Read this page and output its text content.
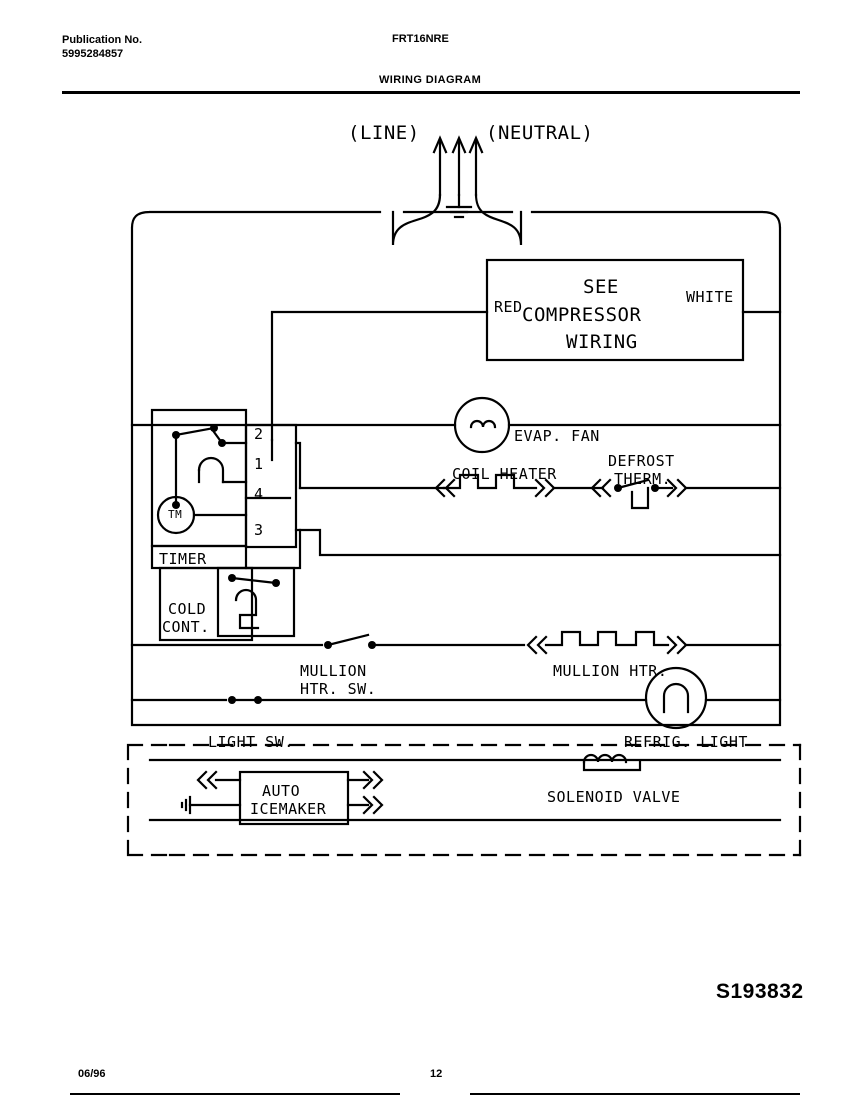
Publication No.
5995284857
FRT16NRE
WIRING DIAGRAM
(LINE)	(NEUTRAL)
SEE
COMPRESSOR
WIRING
RED
WHITE
EVAP. FAN
COIL HEATER
DEFROST
THERM.
TIMER
TM
2
1
4
3
COLD
CONT.
MULLION
HTR. SW.
MULLION HTR.
LIGHT SW.	REFRIG. LIGHT
AUTO
ICEMAKER
SOLENOID VALVE
S193832
06/96	12
